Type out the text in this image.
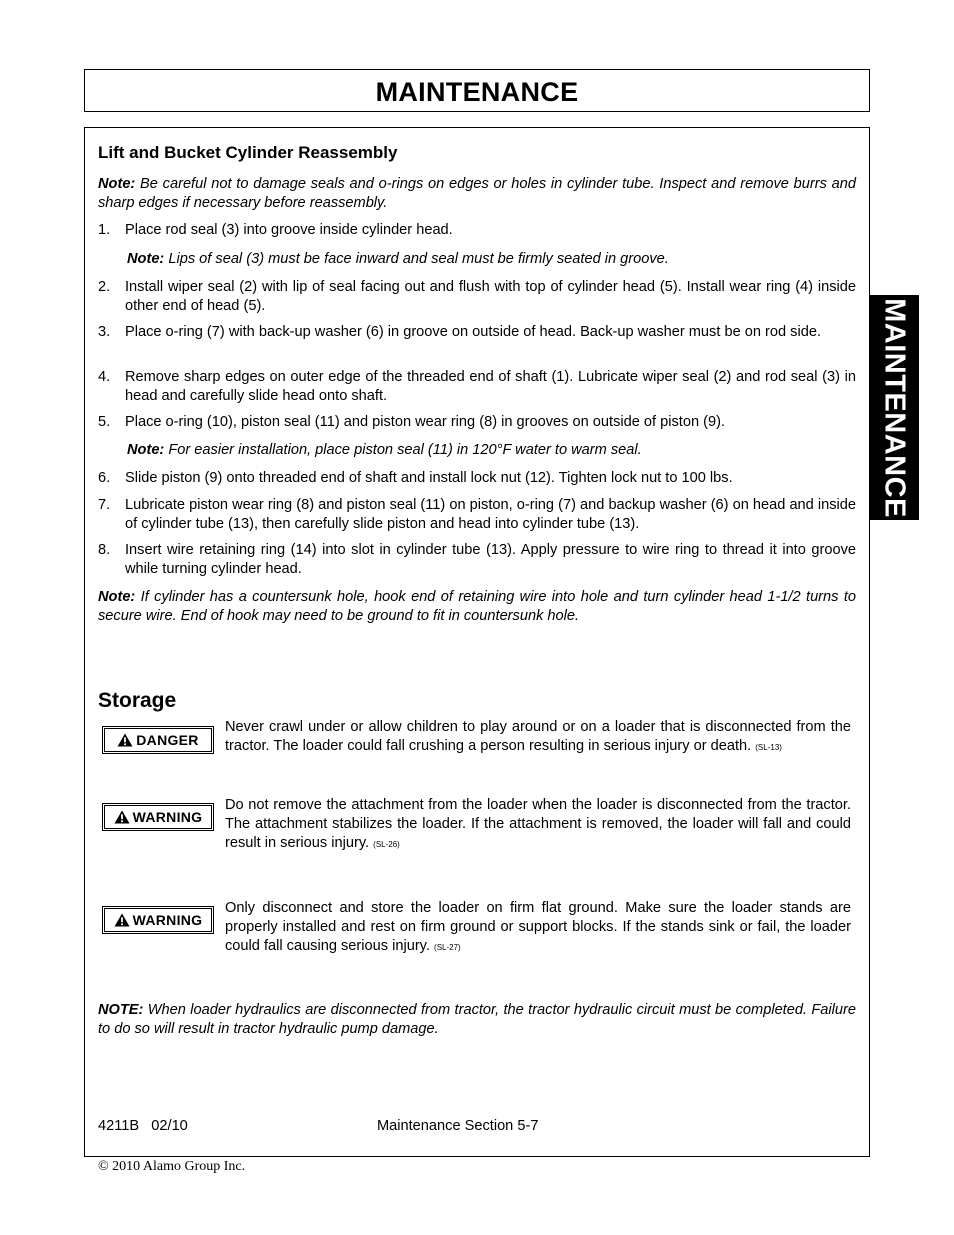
MAINTENANCE
MAINTENANCE
Lift and Bucket Cylinder Reassembly
Note: Be careful not to damage seals and o-rings on edges or holes in cylinder tube. Inspect and remove burrs and sharp edges if necessary before reassembly.
1. Place rod seal (3) into groove inside cylinder head.
Note: Lips of seal (3) must be face inward and seal must be firmly seated in groove.
2. Install wiper seal (2) with lip of seal facing out and flush with top of cylinder head (5). Install wear ring (4) inside other end of head (5).
3. Place o-ring (7) with back-up washer (6) in groove on outside of head. Back-up washer must be on rod side.
4. Remove sharp edges on outer edge of the threaded end of shaft (1). Lubricate wiper seal (2) and rod seal (3) in head and carefully slide head onto shaft.
5. Place o-ring (10), piston seal (11) and piston wear ring (8) in grooves on outside of piston (9).
Note: For easier installation, place piston seal (11) in 120°F water to warm seal.
6. Slide piston (9) onto threaded end of shaft and install lock nut (12). Tighten lock nut to 100 lbs.
7. Lubricate piston wear ring (8) and piston seal (11) on piston, o-ring (7) and backup washer (6) on head and inside of cylinder tube (13), then carefully slide piston and head into cylinder tube (13).
8. Insert wire retaining ring (14) into slot in cylinder tube (13). Apply pressure to wire ring to thread it into groove while turning cylinder head.
Note: If cylinder has a countersunk hole, hook end of retaining wire into hole and turn cylinder head 1-1/2 turns to secure wire. End of hook may need to be ground to fit in countersunk hole.
Storage
DANGER
Never crawl under or allow children to play around or on a loader that is disconnected from the tractor. The loader could fall crushing a person resulting in serious injury or death. (SL-13)
WARNING
Do not remove the attachment from the loader when the loader is disconnected from the tractor. The attachment stabilizes the loader. If the attachment is removed, the loader will fall and could result in serious injury. (SL-26)
WARNING
Only disconnect and store the loader on firm flat ground. Make sure the loader stands are properly installed and rest on firm ground or support blocks. If the stands sink or fail, the loader could fall causing serious injury. (SL-27)
NOTE: When loader hydraulics are disconnected from tractor, the tractor hydraulic circuit must be completed. Failure to do so will result in tractor hydraulic pump damage.
4211B   02/10	Maintenance Section 5-7
© 2010 Alamo Group Inc.
